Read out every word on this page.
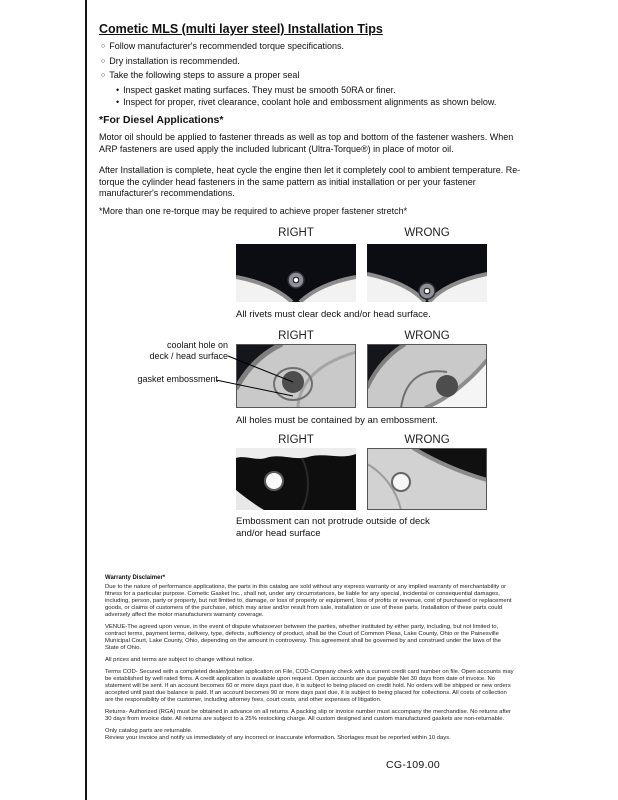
Cometic MLS (multi layer steel) Installation Tips
○ Follow manufacturer's recommended torque specifications.
○ Dry installation is recommended.
○ Take the following steps to assure a proper seal
• Inspect gasket mating surfaces. They must be smooth 50RA or finer.
• Inspect for proper, rivet clearance, coolant hole and embossment alignments as shown below.
*For Diesel Applications*
Motor oil should be applied to fastener threads as well as top and bottom of the fastener washers. When ARP fasteners are used apply the included lubricant (Ultra-Torque®) in place of motor oil.
After Installation is complete, heat cycle the engine then let it completely cool to ambient temperature. Re-torque the cylinder head fasteners in the same pattern as initial installation or per your fastener manufacturer's recommendations.
*More than one re-torque may be required to achieve proper fastener stretch*
RIGHT	WRONG
All rivets must clear deck and/or head surface.
RIGHT	WRONG
coolant hole on
deck / head surface
gasket embossment
All holes must be contained by an embossment.
RIGHT	WRONG
Embossment can not protrude outside of deck
and/or head surface
Warranty Disclaimer*

Due to the nature of performance applications, the parts in this catalog are sold without any express warranty or any implied warranty of merchantability or fitness for a particular purpose. Cometic Gasket Inc., shall not, under any circumstances, be liable for any special, incidental or consequential damages, including, person, party or property, but not limited to, damage, or loss of property or equipment, loss of profits or revenue, cost of purchased or replacement goods, or claims of customers of the purchase, which may arise and/or result from sale, installation or use of these parts. Installation of these parts could adversely affect the motor manufacturers warranty coverage.

VENUE-The agreed upon venue, in the event of dispute whatsoever between the parties, whether instituted by either party, including, but not limited to, contract terms, payment terms, delivery, type, defects, sufficiency of product, shall be the Court of Common Pleas, Lake County, Ohio or the Painesville Municipal Court, Lake County, Ohio, depending on the amount in controversy. This agreement shall be governed by and construed under the laws of the State of Ohio.

All prices and terms are subject to change without notice.

Terms COD- Secured with a completed dealer/jobber application on File, COD-Company check with a current credit card number on file. Open accounts may be established by well rated firms. A credit application is available upon request. Open accounts are due payable Net 30 days from date of invoice. No statement will be sent. If an account becomes 60 or more days past due, it is subject to being placed on credit hold. No orders will be shipped or new orders accepted until past due balance is paid. If an account becomes 90 or more days past due, it is subject to being placed for collections. All costs of collection are the responsibility of the customer, including attorney fees, court costs, and other expenses of litigation.

Returns- Authorized (RGA) must be obtained in advance on all returns. A packing slip or invoice number must accompany the merchandise. No returns after 30 days from invoice date. All returns are subject to a 25% restocking charge. All custom designed and custom manufactured gaskets are non-returnable.

Only catalog parts are returnable.

Review your invoice and notify us immediately of any incorrect or inaccurate information. Shortages must be reported within 10 days.

CG-109.00
